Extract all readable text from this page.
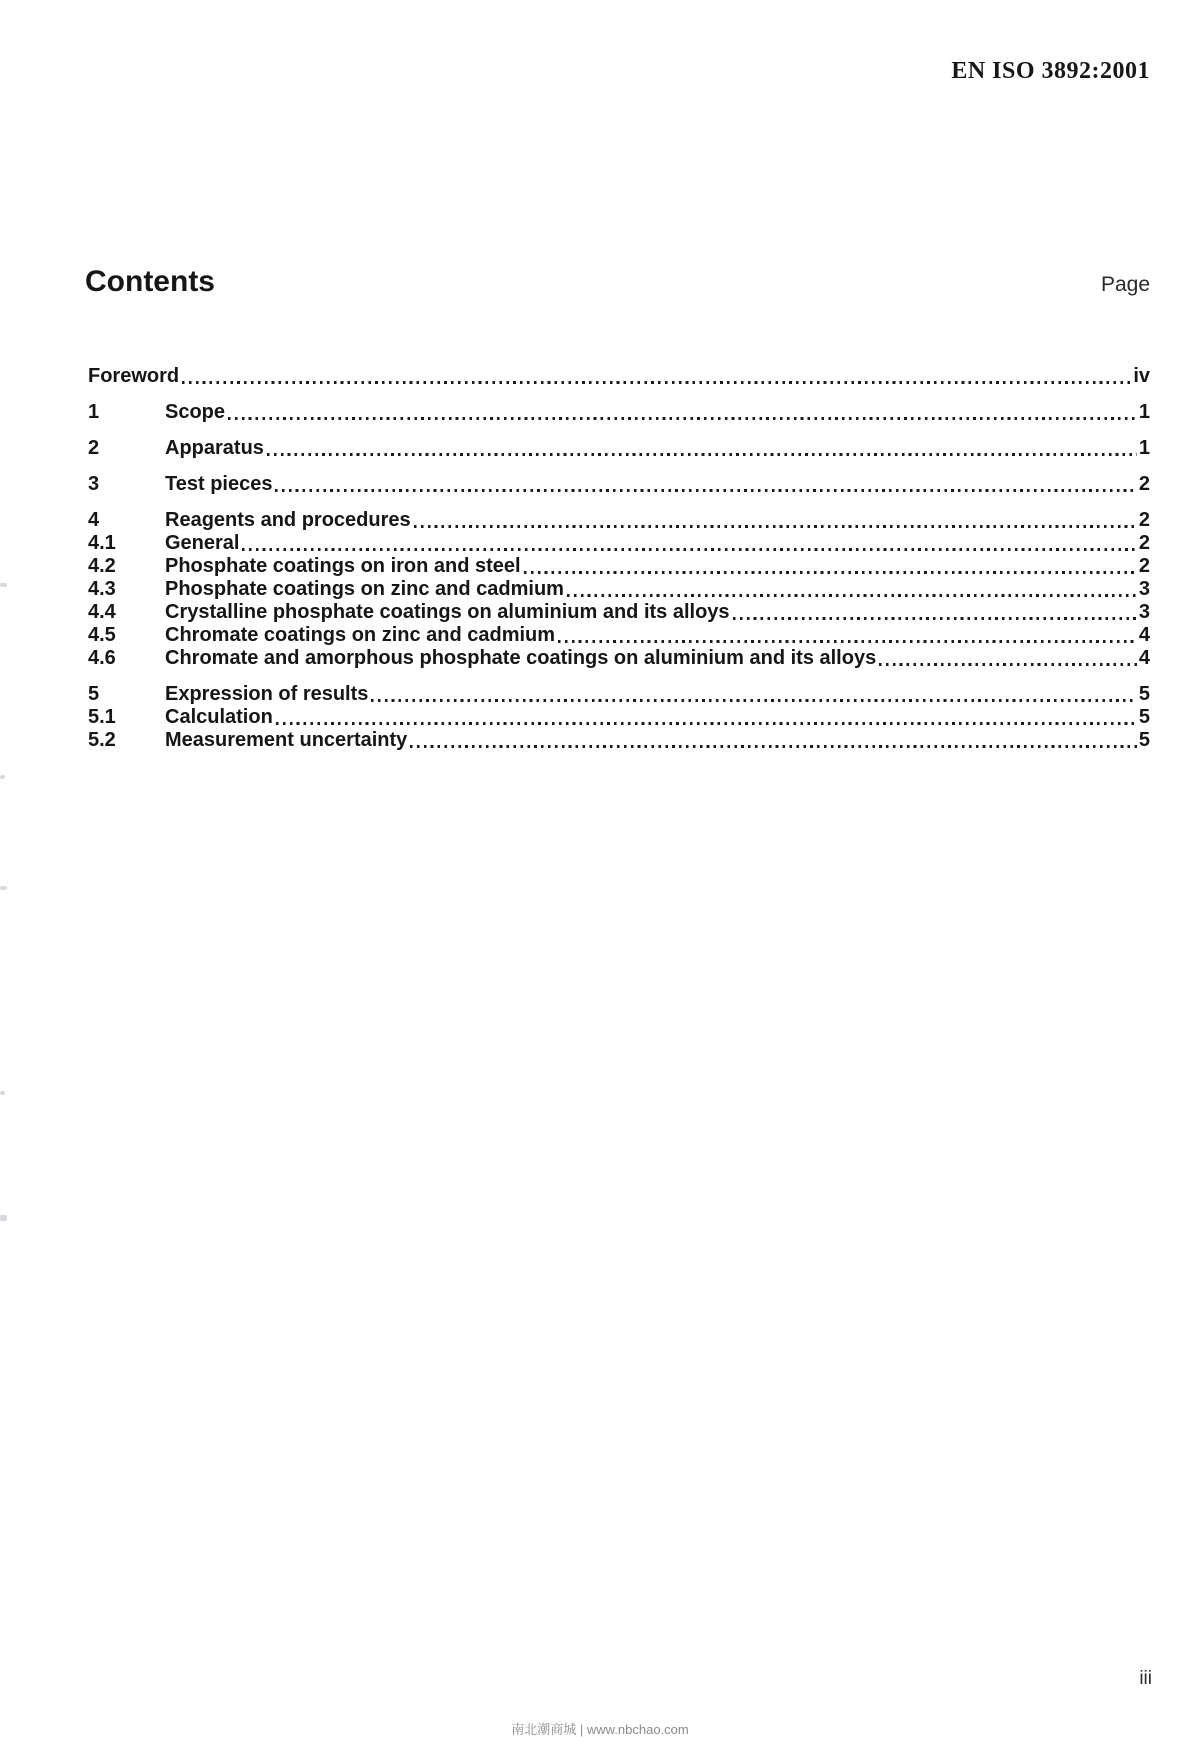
EN ISO 3892:2001
Contents	Page
Foreword	iv
1	Scope	1
2	Apparatus	1
3	Test pieces	2
4	Reagents and procedures	2
4.1	General	2
4.2	Phosphate coatings on iron and steel	2
4.3	Phosphate coatings on zinc and cadmium	3
4.4	Crystalline phosphate coatings on aluminium and its alloys	3
4.5	Chromate coatings on zinc and cadmium	4
4.6	Chromate and amorphous phosphate coatings on aluminium and its alloys	4
5	Expression of results	5
5.1	Calculation	5
5.2	Measurement uncertainty	5
iii
南北潮商城 | www.nbchao.com
